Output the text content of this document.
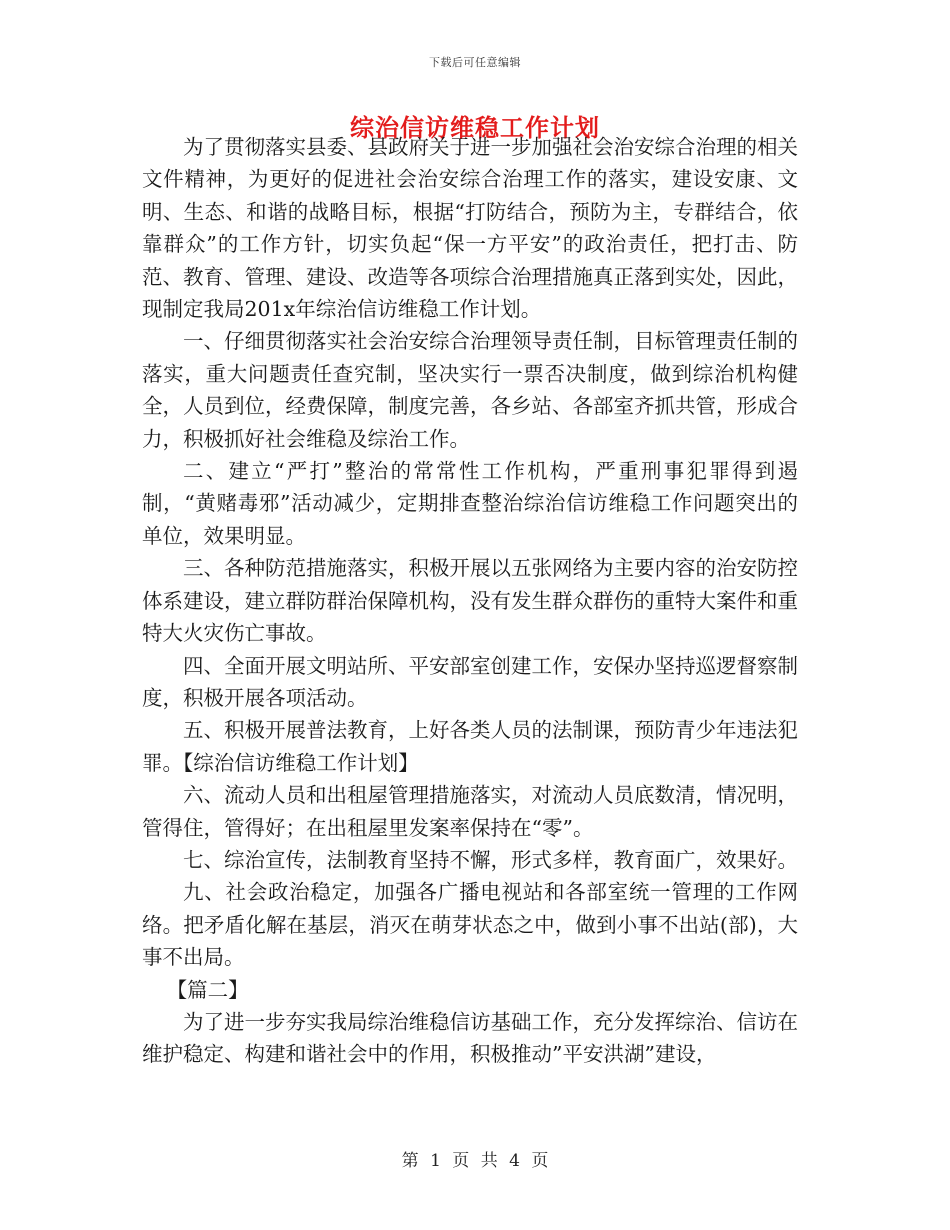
下载后可任意编辑
综治信访维稳工作计划

为了贯彻落实县委、县政府关于进一步加强社会治安综合治理的相关文件精神，为更好的促进社会治安综合治理工作的落实，建设安康、文明、生态、和谐的战略目标，根据“打防结合，预防为主，专群结合，依靠群众”的工作方针，切实负起“保一方平安”的政治责任，把打击、防范、教育、管理、建设、改造等各项综合治理措施真正落到实处，因此，现制定我局201x年综治信访维稳工作计划。

一、仔细贯彻落实社会治安综合治理领导责任制，目标管理责任制的落实，重大问题责任查究制，坚决实行一票否决制度，做到综治机构健全，人员到位，经费保障，制度完善，各乡站、各部室齐抓共管，形成合力，积极抓好社会维稳及综治工作。

二、建立“严打”整治的常常性工作机构，严重刑事犯罪得到遏制，“黄赌毒邪”活动减少，定期排查整治综治信访维稳工作问题突出的单位，效果明显。

三、各种防范措施落实，积极开展以五张网络为主要内容的治安防控体系建设，建立群防群治保障机构，没有发生群众群伤的重特大案件和重特大火灾伤亡事故。

四、全面开展文明站所、平安部室创建工作，安保办坚持巡逻督察制度，积极开展各项活动。

五、积极开展普法教育，上好各类人员的法制课，预防青少年违法犯罪。【综治信访维稳工作计划】

六、流动人员和出租屋管理措施落实，对流动人员底数清，情况明，管得住，管得好；在出租屋里发案率保持在“零”。

七、综治宣传，法制教育坚持不懈，形式多样，教育面广，效果好。

九、社会政治稳定，加强各广播电视站和各部室统一管理的工作网络。把矛盾化解在基层，消灭在萌芽状态之中，做到小事不出站(部)，大事不出局。

【篇二】

为了进一步夯实我局综治维稳信访基础工作，充分发挥综治、信访在维护稳定、构建和谐社会中的作用，积极推动”平安洪湖”建设，

第 1 页 共 4 页
